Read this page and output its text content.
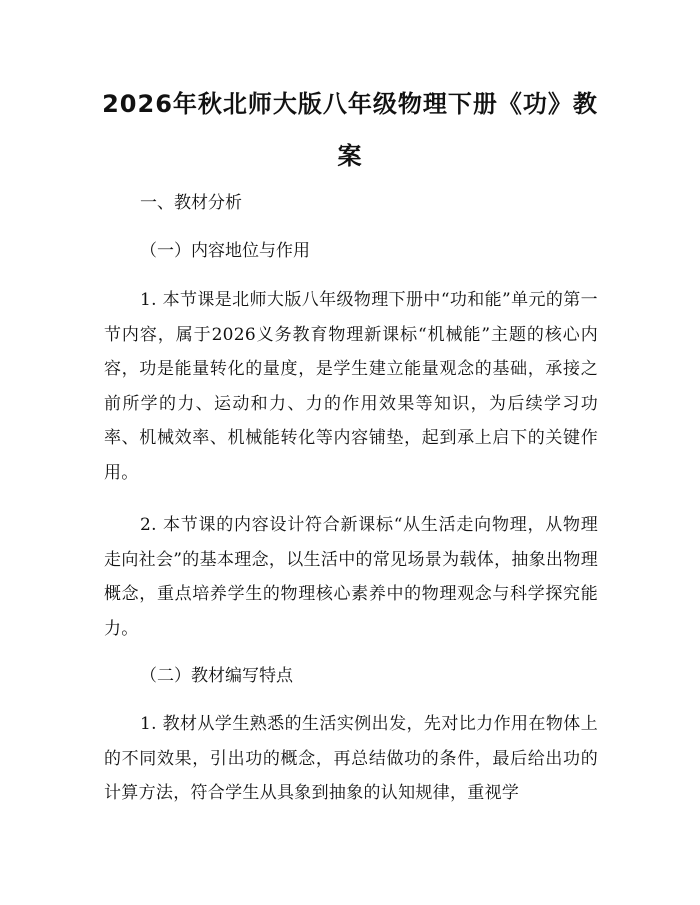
2026年秋北师大版八年级物理下册《功》教案
一、教材分析
（一）内容地位与作用
1. 本节课是北师大版八年级物理下册中“功和能”单元的第一节内容，属于2026义务教育物理新课标“机械能”主题的核心内容，功是能量转化的量度，是学生建立能量观念的基础，承接之前所学的力、运动和力、力的作用效果等知识，为后续学习功率、机械效率、机械能转化等内容铺垫，起到承上启下的关键作用。
2. 本节课的内容设计符合新课标“从生活走向物理，从物理走向社会”的基本理念，以生活中的常见场景为载体，抽象出物理概念，重点培养学生的物理核心素养中的物理观念与科学探究能力。
（二）教材编写特点
1. 教材从学生熟悉的生活实例出发，先对比力作用在物体上的不同效果，引出功的概念，再总结做功的条件，最后给出功的计算方法，符合学生从具象到抽象的认知规律，重视学
